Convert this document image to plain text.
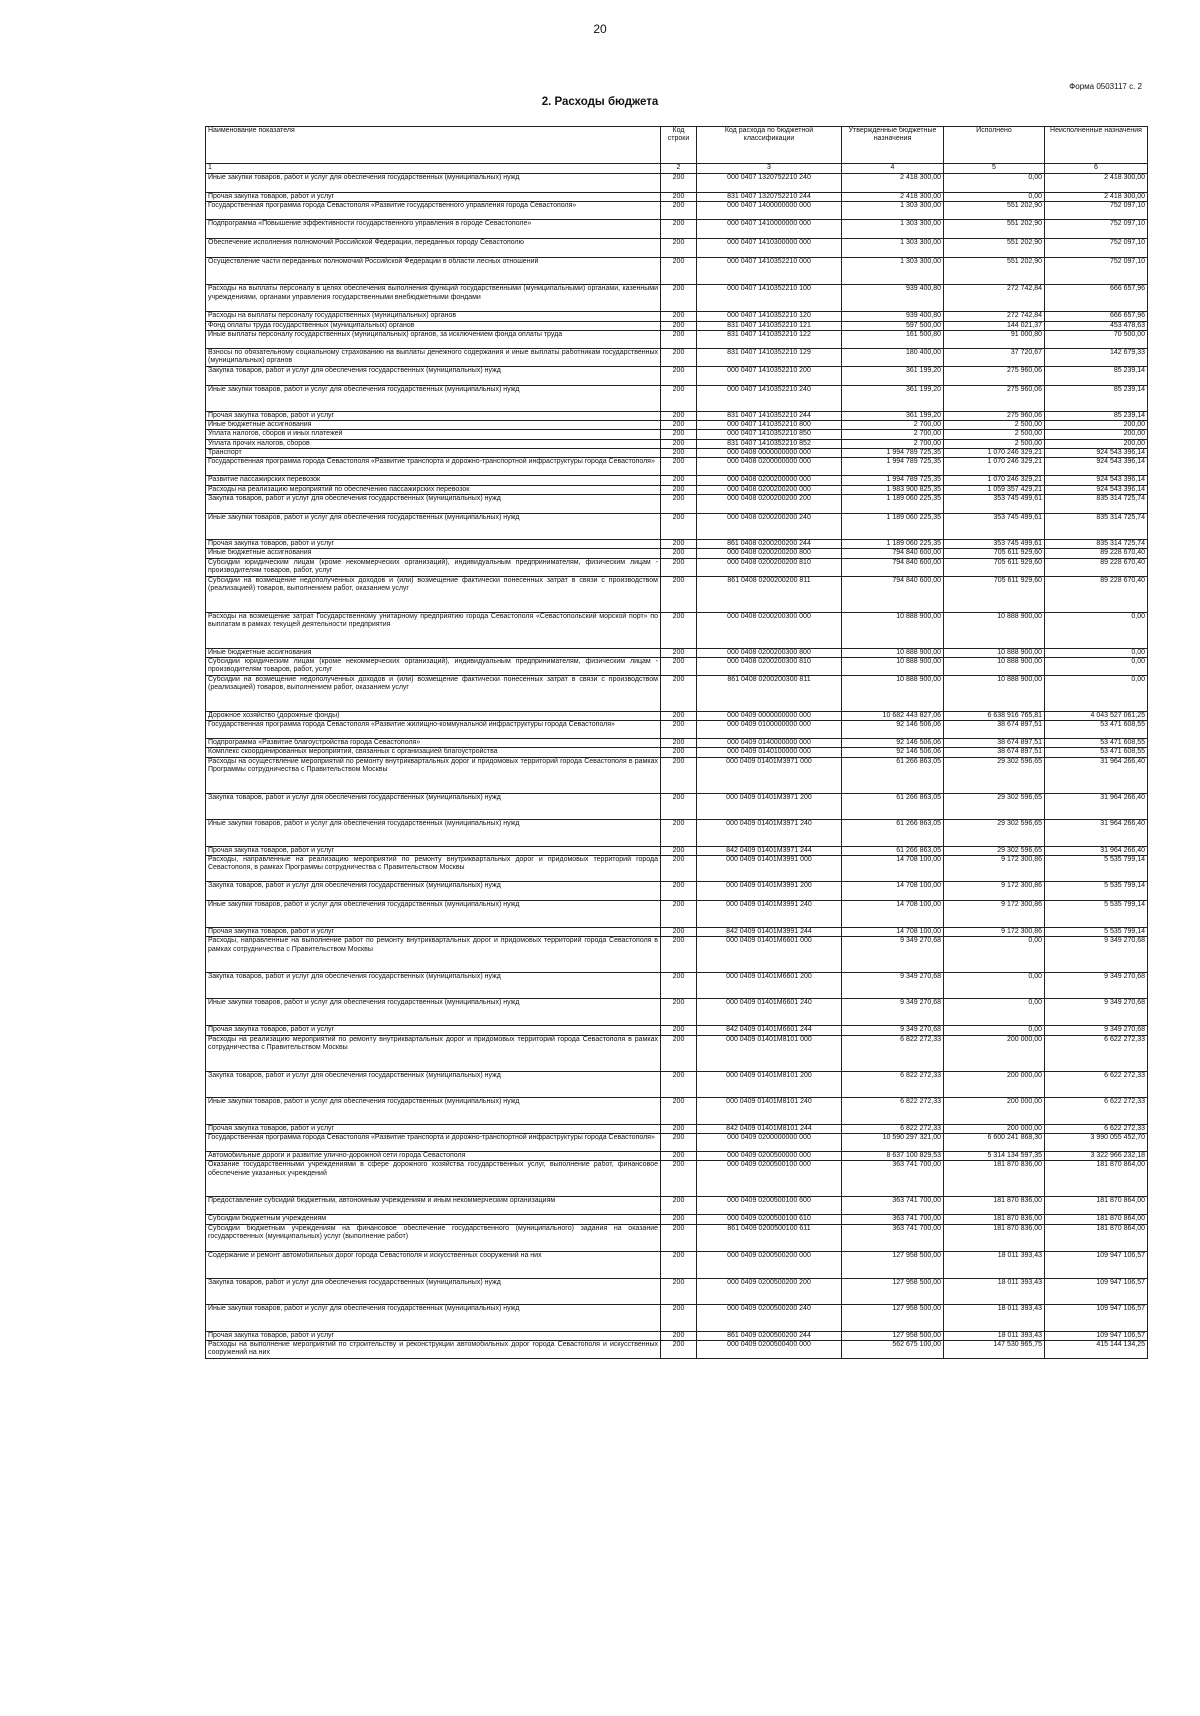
20
Форма 0503117 с. 2
2. Расходы бюджета
Наименование показателя	Код строки	Код расхода по бюджетной классификации	Утвержденные бюджетные назначения	Исполнено	Неисполненные назначения
1	2	3	4	5	6
Иные закупки товаров, работ и услуг для обеспечения государственных (муниципальных) нужд	200	000 0407 1320752210 240	2 418 300,00	0,00	2 418 300,00
Прочая закупка товаров, работ и услуг	200	831 0407 1320752210 244	2 418 300,00	0,00	2 418 300,00
Государственная программа города Севастополя «Развитие государственного управления города Севастополя»	200	000 0407 1400000000 000	1 303 300,00	551 202,90	752 097,10
Подпрограмма «Повышение эффективности государственного управления в городе Севастополе»	200	000 0407 1410000000 000	1 303 300,00	551 202,90	752 097,10
Обеспечение исполнения полномочий Российской Федерации, переданных городу Севастополю	200	000 0407 1410300000 000	1 303 300,00	551 202,90	752 097,10
Осуществление части переданных полномочий Российской Федерации в области лесных отношений	200	000 0407 1410352210 000	1 303 300,00	551 202,90	752 097,10
Расходы на выплаты персоналу в целях обеспечения выполнения функций государственными (муниципальными) органами, казенными учреждениями, органами управления государственными внебюджетными фондами	200	000 0407 1410352210 100	939 400,80	272 742,84	666 657,96
Расходы на выплаты персоналу государственных (муниципальных) органов	200	000 0407 1410352210 120	939 400,80	272 742,84	666 657,96
Фонд оплаты труда государственных (муниципальных) органов	200	831 0407 1410352210 121	597 500,00	144 021,37	453 478,63
Иные выплаты персоналу государственных (муниципальных) органов, за исключением фонда оплаты труда	200	831 0407 1410352210 122	161 500,80	91 000,80	70 500,00
Взносы по обязательному социальному страхованию на выплаты денежного содержания и иные выплаты работникам государственных (муниципальных) органов	200	831 0407 1410352210 129	180 400,00	37 720,67	142 679,33
Закупка товаров, работ и услуг для обеспечения государственных (муниципальных) нужд	200	000 0407 1410352210 200	361 199,20	275 960,06	85 239,14
Иные закупки товаров, работ и услуг для обеспечения государственных (муниципальных) нужд	200	000 0407 1410352210 240	361 199,20	275 960,06	85 239,14
Прочая закупка товаров, работ и услуг	200	831 0407 1410352210 244	361 199,20	275 960,06	85 239,14
Иные бюджетные ассигнования	200	000 0407 1410352210 800	2 700,00	2 500,00	200,00
Уплата налогов, сборов и иных платежей	200	000 0407 1410352210 850	2 700,00	2 500,00	200,00
Уплата прочих налогов, сборов	200	831 0407 1410352210 852	2 700,00	2 500,00	200,00
Транспорт	200	000 0408 0000000000 000	1 994 789 725,35	1 070 246 329,21	924 543 396,14
Государственная программа города Севастополя «Развитие транспорта и дорожно-транспортной инфраструктуры города Севастополя»	200	000 0408 0200000000 000	1 994 789 725,35	1 070 246 329,21	924 543 396,14
Развитие пассажирских перевозок	200	000 0408 0200200000 000	1 994 789 725,35	1 070 246 329,21	924 543 396,14
Расходы на реализацию мероприятий по обеспечению пассажирских перевозок	200	000 0408 0200200200 000	1 983 900 825,35	1 059 357 429,21	924 543 396,14
Закупка товаров, работ и услуг для обеспечения государственных (муниципальных) нужд	200	000 0408 0200200200 200	1 189 060 225,35	353 745 499,61	835 314 725,74
Иные закупки товаров, работ и услуг для обеспечения государственных (муниципальных) нужд	200	000 0408 0200200200 240	1 189 060 225,35	353 745 499,61	835 314 725,74
Прочая закупка товаров, работ и услуг	200	861 0408 0200200200 244	1 189 060 225,35	353 745 499,61	835 314 725,74
Иные бюджетные ассигнования	200	000 0408 0200200200 800	794 840 600,00	705 611 929,60	89 228 670,40
Субсидии юридическим лицам (кроме некоммерческих организаций), индивидуальным предпринимателям, физическим лицам - производителям товаров, работ, услуг	200	000 0408 0200200200 810	794 840 600,00	705 611 929,60	89 228 670,40
Субсидии на возмещение недополученных доходов и (или) возмещение фактически понесенных затрат в связи с производством (реализацией) товаров, выполнением работ, оказанием услуг	200	861 0408 0200200200 811	794 840 600,00	705 611 929,60	89 228 670,40
Расходы на возмещение затрат Государственному унитарному предприятию города Севастополя «Севастопольский морской порт» по выплатам в рамках текущей деятельности предприятия	200	000 0408 0200200300 000	10 888 900,00	10 888 900,00	0,00
Иные бюджетные ассигнования	200	000 0408 0200200300 800	10 888 900,00	10 888 900,00	0,00
Субсидии юридическим лицам (кроме некоммерческих организаций), индивидуальным предпринимателям, физическим лицам - производителям товаров, работ, услуг	200	000 0408 0200200300 810	10 888 900,00	10 888 900,00	0,00
Субсидии на возмещение недополученных доходов и (или) возмещение фактически понесенных затрат в связи с производством (реализацией) товаров, выполнением работ, оказанием услуг	200	861 0408 0200200300 811	10 888 900,00	10 888 900,00	0,00
Дорожное хозяйство (дорожные фонды)	200	000 0409 0000000000 000	10 682 443 827,06	6 638 916 765,81	4 043 527 061,25
Государственная программа города Севастополя «Развитие жилищно-коммунальной инфраструктуры города Севастополя»	200	000 0409 0100000000 000	92 146 506,06	38 674 897,51	53 471 608,55
Подпрограмма «Развитие благоустройства города Севастополя»	200	000 0409 0140000000 000	92 146 506,06	38 674 897,51	53 471 608,55
Комплекс скоординированных мероприятий, связанных с организацией благоустройства	200	000 0409 0140100000 000	92 146 506,06	38 674 897,51	53 471 608,55
Расходы на осуществление мероприятий по ремонту внутриквартальных дорог и придомовых территорий города Севастополя в рамках Программы сотрудничества с Правительством Москвы	200	000 0409 01401M3971 000	61 266 863,05	29 302 596,65	31 964 266,40
Закупка товаров, работ и услуг для обеспечения государственных (муниципальных) нужд	200	000 0409 01401M3971 200	61 266 863,05	29 302 596,65	31 964 266,40
Иные закупки товаров, работ и услуг для обеспечения государственных (муниципальных) нужд	200	000 0409 01401M3971 240	61 266 863,05	29 302 596,65	31 964 266,40
Прочая закупка товаров, работ и услуг	200	842 0409 01401M3971 244	61 266 863,05	29 302 596,65	31 964 266,40
Расходы, направленные на реализацию мероприятий по ремонту внутриквартальных дорог и придомовых территорий города Севастополя, в рамках Программы сотрудничества с Правительством Москвы	200	000 0409 01401M3991 000	14 708 100,00	9 172 300,86	5 535 799,14
Закупка товаров, работ и услуг для обеспечения государственных (муниципальных) нужд	200	000 0409 01401M3991 200	14 708 100,00	9 172 300,86	5 535 799,14
Иные закупки товаров, работ и услуг для обеспечения государственных (муниципальных) нужд	200	000 0409 01401M3991 240	14 708 100,00	9 172 300,86	5 535 799,14
Прочая закупка товаров, работ и услуг	200	842 0409 01401M3991 244	14 708 100,00	9 172 300,86	5 535 799,14
Расходы, направленные на выполнение работ по ремонту внутриквартальных дорог и придомовых территорий города Севастополя в рамках сотрудничества с Правительством Москвы	200	000 0409 01401M6601 000	9 349 270,68	0,00	9 349 270,68
Закупка товаров, работ и услуг для обеспечения государственных (муниципальных) нужд	200	000 0409 01401M6601 200	9 349 270,68	0,00	9 349 270,68
Иные закупки товаров, работ и услуг для обеспечения государственных (муниципальных) нужд	200	000 0409 01401M6601 240	9 349 270,68	0,00	9 349 270,68
Прочая закупка товаров, работ и услуг	200	842 0409 01401M6601 244	9 349 270,68	0,00	9 349 270,68
Расходы на реализацию мероприятий по ремонту внутриквартальных дорог и придомовых территорий города Севастополя в рамках сотрудничества с Правительством Москвы	200	000 0409 01401M8101 000	6 822 272,33	200 000,00	6 622 272,33
Закупка товаров, работ и услуг для обеспечения государственных (муниципальных) нужд	200	000 0409 01401M8101 200	6 822 272,33	200 000,00	6 622 272,33
Иные закупки товаров, работ и услуг для обеспечения государственных (муниципальных) нужд	200	000 0409 01401M8101 240	6 822 272,33	200 000,00	6 622 272,33
Прочая закупка товаров, работ и услуг	200	842 0409 01401M8101 244	6 822 272,33	200 000,00	6 622 272,33
Государственная программа города Севастополя «Развитие транспорта и дорожно-транспортной инфраструктуры города Севастополя»	200	000 0409 0200000000 000	10 590 297 321,00	6 600 241 868,30	3 990 055 452,70
Автомобильные дороги и развитие улично-дорожной сети города Севастополя	200	000 0409 0200500000 000	8 637 100 829,53	5 314 134 597,35	3 322 966 232,18
Оказание государственными учреждениями в сфере дорожного хозяйства государственных услуг, выполнение работ, финансовое обеспечение указанных учреждений	200	000 0409 0200500100 000	363 741 700,00	181 870 836,00	181 870 864,00
Предоставление субсидий бюджетным, автономным учреждениям и иным некоммерческим организациям	200	000 0409 0200500100 600	363 741 700,00	181 870 836,00	181 870 864,00
Субсидии бюджетным учреждениям	200	000 0409 0200500100 610	363 741 700,00	181 870 836,00	181 870 864,00
Субсидии бюджетным учреждениям на финансовое обеспечение государственного (муниципального) задания на оказание государственных (муниципальных) услуг (выполнение работ)	200	861 0409 0200500100 611	363 741 700,00	181 870 836,00	181 870 864,00
Содержание и ремонт автомобильных дорог города Севастополя и искусственных сооружений на них	200	000 0409 0200500200 000	127 958 500,00	18 011 393,43	109 947 106,57
Закупка товаров, работ и услуг для обеспечения государственных (муниципальных) нужд	200	000 0409 0200500200 200	127 958 500,00	18 011 393,43	109 947 106,57
Иные закупки товаров, работ и услуг для обеспечения государственных (муниципальных) нужд	200	000 0409 0200500200 240	127 958 500,00	18 011 393,43	109 947 106,57
Прочая закупка товаров, работ и услуг	200	861 0409 0200500200 244	127 958 500,00	18 011 393,43	109 947 106,57
Расходы на выполнение мероприятий по строительству и реконструкции автомобильных дорог города Севастополя и искусственных сооружений на них	200	000 0409 0200500400 000	562 675 100,00	147 530 965,75	415 144 134,25
